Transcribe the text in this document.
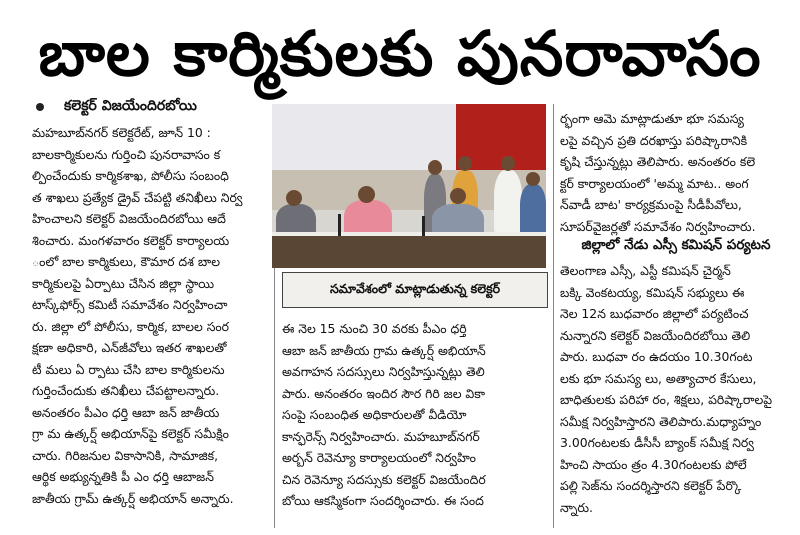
బాల కార్మికులకు పునరావాసం
కలెక్టర్ విజయేందిరబోయి

మహబూబ్‌నగర్ కలెక్టరేట్, జూన్ 10 :

బాలకార్మికులను గుర్తించి పునరావాసం క

ల్పించేందుకు కార్మికశాఖ, పోలీసు సంబంధి

త శాఖలు ప్రత్యేక డ్రైవ్ చేపట్టి తనిఖీలు నిర్వ

హించాలని కలెక్టర్ విజయేందిరబోయి ఆదే

శించారు. మంగళవారం కలెక్టర్ కార్యాలయ

ంలో బాల కార్మికులు, కౌమార దశ బాల

కార్మికులపై ఏర్పాటు చేసిన జిల్లా స్థాయి

టాస్క్‌ఫోర్స్ కమిటీ సమావేశం నిర్వహించా

రు. జిల్లా లో పోలీసు, కార్మిక, బాలల సంర

క్షణా అధికారి, ఎన్‌జీవోలు ఇతర శాఖలతో

టీ మలు ఏ ర్పాటు చేసి బాల కార్మికులను

గుర్తించేందుకు తనిఖీలు చేపట్టాలన్నారు.

అనంతరం పీఎం ధర్తి ఆబా జన్ జాతీయ

గ్రా మ ఉత్కర్ష్ అభియాన్‌పై కలెక్టర్ సమీక్షిం

చారు. గిరిజనుల వికాసానికి, సామాజిక,

ఆర్థిక అభ్యున్నతికి పీ ఎం ధర్తి ఆబాజన్

జాతీయ గ్రామ్ ఉత్కర్ష్ అభియాన్ అన్నారు.

సమావేశంలో మాట్లాడుతున్న కలెక్టర్

ఈ నెల 15 నుంచి 30 వరకు పీఎం ధర్తి

ఆబా జన్ జాతీయ గ్రామ ఉత్కర్ష్ అభియాన్

అవగాహన సదస్సులు నిర్వహిస్తున్నట్లు తెలి

పారు. అనంతరం ఇందిర సౌర గిరి జల వికా

సంపై సంబంధిత అధికారులతో వీడియో

కాన్ఫరెన్స్ నిర్వహించారు. మహబూబ్‌నగర్

అర్బన్ రెవెన్యూ కార్యాలయంలో నిర్వహిం

చిన రెవెన్యూ సదస్సుకు కలెక్టర్ విజయేందిర

బోయి ఆకస్మికంగా సందర్శించారు. ఈ సంద

ర్భంగా ఆమె మాట్లాడుతూ భూ సమస్య

లపై వచ్చిన ప్రతి దరఖాస్తు పరిష్కారానికి

కృషి చేస్తున్నట్లు తెలిపారు. అనంతరం కలె

క్టర్ కార్యాలయంలో 'అమ్మ మాట.. అంగ

న్‌వాడీ బాట' కార్యక్రమంపై సీడీపీవోలు,

సూపర్‌వైజర్లతో సమావేశం నిర్వహించారు.

జిల్లాలో నేడు ఎస్సీ కమిషన్ పర్యటన

తెలంగాణ ఎస్సీ, ఎస్టీ కమిషన్ చైర్మన్

బక్కి వెంకటయ్య, కమిషన్ సభ్యులు ఈ

నెల 12న బుధవారం జిల్లాలో పర్యటించ

నున్నారని కలెక్టర్ విజయేందిరబోయి తెలి

పారు. బుధవా రం ఉదయం 10.30గంట

లకు భూ సమస్య లు, అత్యాచార కేసులు,

బాధితులకు పరిహా రం, శిక్షలు, పరిష్కారాలపై

సమీక్ష నిర్వహిస్తారని తెలిపారు.మధ్యాహ్నం

3.00గంటలకు డీసీసీ బ్యాంక్ సమీక్ష నిర్వ

హించి సాయం త్రం 4.30గంటలకు పోలే

పల్లి సెజ్‌ను సందర్శిస్తారని కలెక్టర్ పేర్కొ

న్నారు.
